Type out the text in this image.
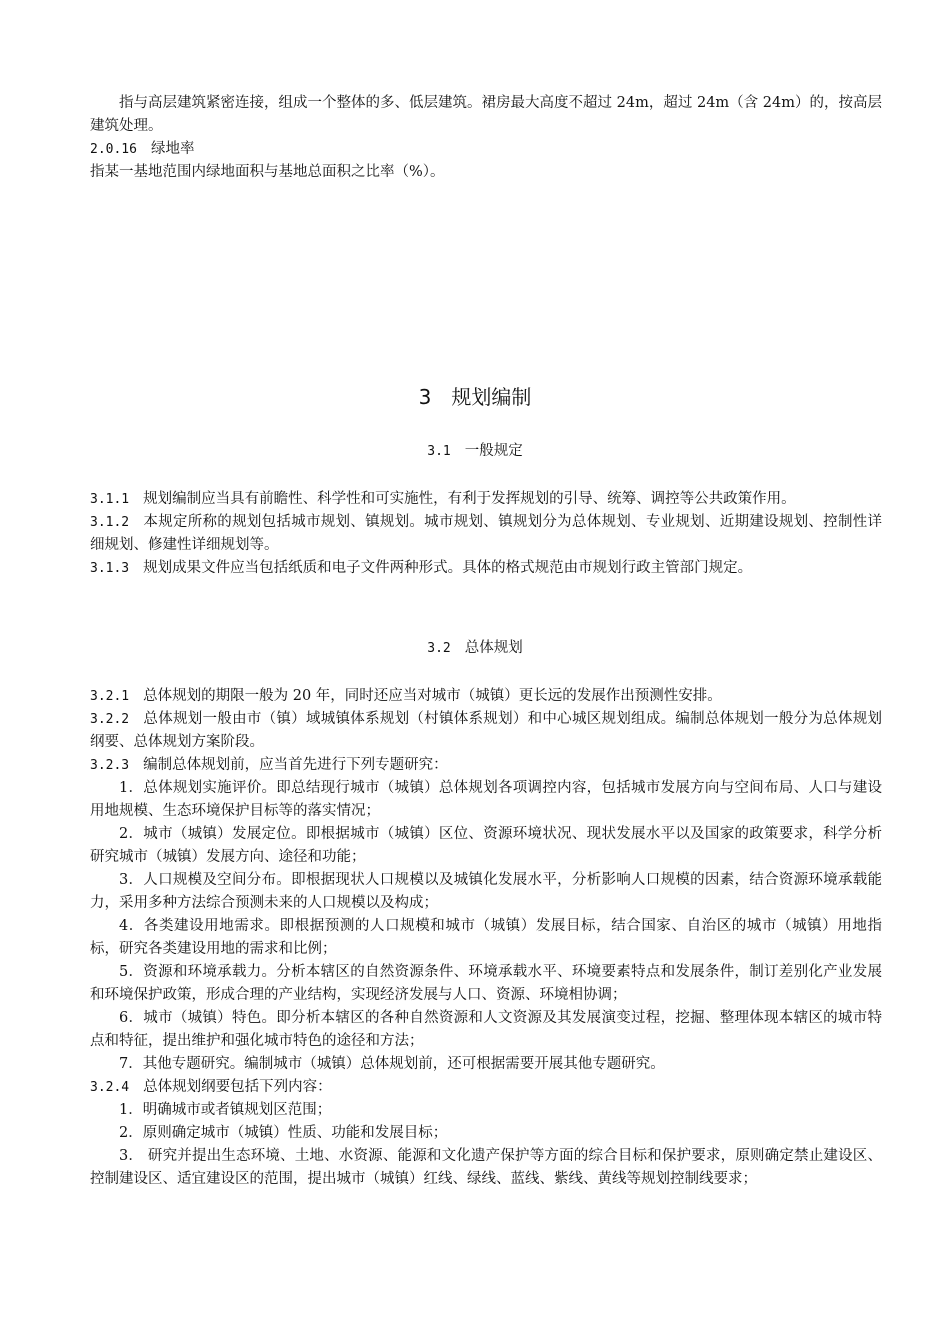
指与高层建筑紧密连接，组成一个整体的多、低层建筑。裙房最大高度不超过 24m，超过 24m（含 24m）的，按高层建筑处理。

2.0.16 绿地率

指某一基地范围内绿地面积与基地总面积之比率（%）。

3 规划编制
3.1 一般规定

3.1.1 规划编制应当具有前瞻性、科学性和可实施性，有利于发挥规划的引导、统筹、调控等公共政策作用。

3.1.2 本规定所称的规划包括城市规划、镇规划。城市规划、镇规划分为总体规划、专业规划、近期建设规划、控制性详细规划、修建性详细规划等。

3.1.3 规划成果文件应当包括纸质和电子文件两种形式。具体的格式规范由市规划行政主管部门规定。

3.2 总体规划

3.2.1 总体规划的期限一般为 20 年，同时还应当对城市（城镇）更长远的发展作出预测性安排。

3.2.2 总体规划一般由市（镇）域城镇体系规划（村镇体系规划）和中心城区规划组成。编制总体规划一般分为总体规划纲要、总体规划方案阶段。

3.2.3 编制总体规划前，应当首先进行下列专题研究：

1．总体规划实施评价。即总结现行城市（城镇）总体规划各项调控内容，包括城市发展方向与空间布局、人口与建设用地规模、生态环境保护目标等的落实情况；

2．城市（城镇）发展定位。即根据城市（城镇）区位、资源环境状况、现状发展水平以及国家的政策要求，科学分析研究城市（城镇）发展方向、途径和功能；

3．人口规模及空间分布。即根据现状人口规模以及城镇化发展水平，分析影响人口规模的因素，结合资源环境承载能力，采用多种方法综合预测未来的人口规模以及构成；

4．各类建设用地需求。即根据预测的人口规模和城市（城镇）发展目标，结合国家、自治区的城市（城镇）用地指标，研究各类建设用地的需求和比例；

5．资源和环境承载力。分析本辖区的自然资源条件、环境承载水平、环境要素特点和发展条件，制订差别化产业发展和环境保护政策，形成合理的产业结构，实现经济发展与人口、资源、环境相协调；

6．城市（城镇）特色。即分析本辖区的各种自然资源和人文资源及其发展演变过程，挖掘、整理体现本辖区的城市特点和特征，提出维护和强化城市特色的途径和方法；

7．其他专题研究。编制城市（城镇）总体规划前，还可根据需要开展其他专题研究。

3.2.4 总体规划纲要包括下列内容：

1．明确城市或者镇规划区范围；

2．原则确定城市（城镇）性质、功能和发展目标；

3． 研究并提出生态环境、土地、水资源、能源和文化遗产保护等方面的综合目标和保护要求，原则确定禁止建设区、控制建设区、适宜建设区的范围，提出城市（城镇）红线、绿线、蓝线、紫线、黄线等规划控制线要求；
